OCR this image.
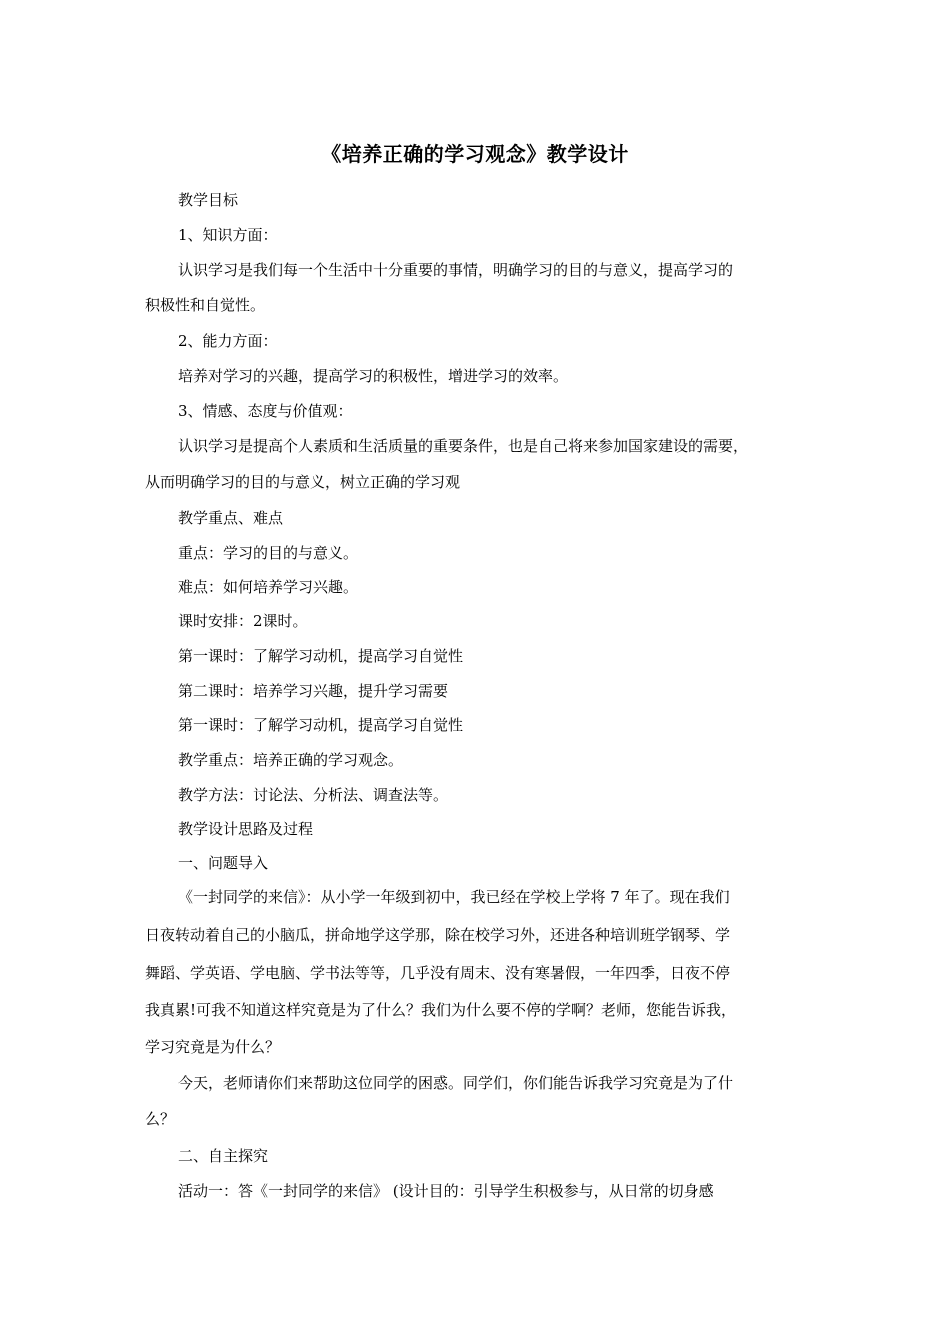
《培养正确的学习观念》教学设计
教学目标
1、知识方面：
认识学习是我们每一个生活中十分重要的事情，明确学习的目的与意义，提高学习的
积极性和自觉性。
2、能力方面：
培养对学习的兴趣，提高学习的积极性，增进学习的效率。
3、情感、态度与价值观：
认识学习是提高个人素质和生活质量的重要条件，也是自己将来参加国家建设的需要，
从而明确学习的目的与意义，树立正确的学习观
教学重点、难点
重点：学习的目的与意义。
难点：如何培养学习兴趣。
课时安排：2课时。
第一课时：了解学习动机，提高学习自觉性
第二课时：培养学习兴趣，提升学习需要
第一课时：了解学习动机，提高学习自觉性
教学重点：培养正确的学习观念。
教学方法：讨论法、分析法、调查法等。
教学设计思路及过程
一、问题导入
《一封同学的来信》：从小学一年级到初中，我已经在学校上学将 7 年了。现在我们
日夜转动着自己的小脑瓜，拼命地学这学那，除在校学习外，还进各种培训班学钢琴、学
舞蹈、学英语、学电脑、学书法等等，几乎没有周末、没有寒暑假，一年四季，日夜不停
我真累!可我不知道这样究竟是为了什么？我们为什么要不停的学啊？老师，您能告诉我，
学习究竟是为什么？
今天，老师请你们来帮助这位同学的困惑。同学们，你们能告诉我学习究竟是为了什
么？
二、自主探究
活动一：答《一封同学的来信》 (设计目的：引导学生积极参与，从日常的切身感
